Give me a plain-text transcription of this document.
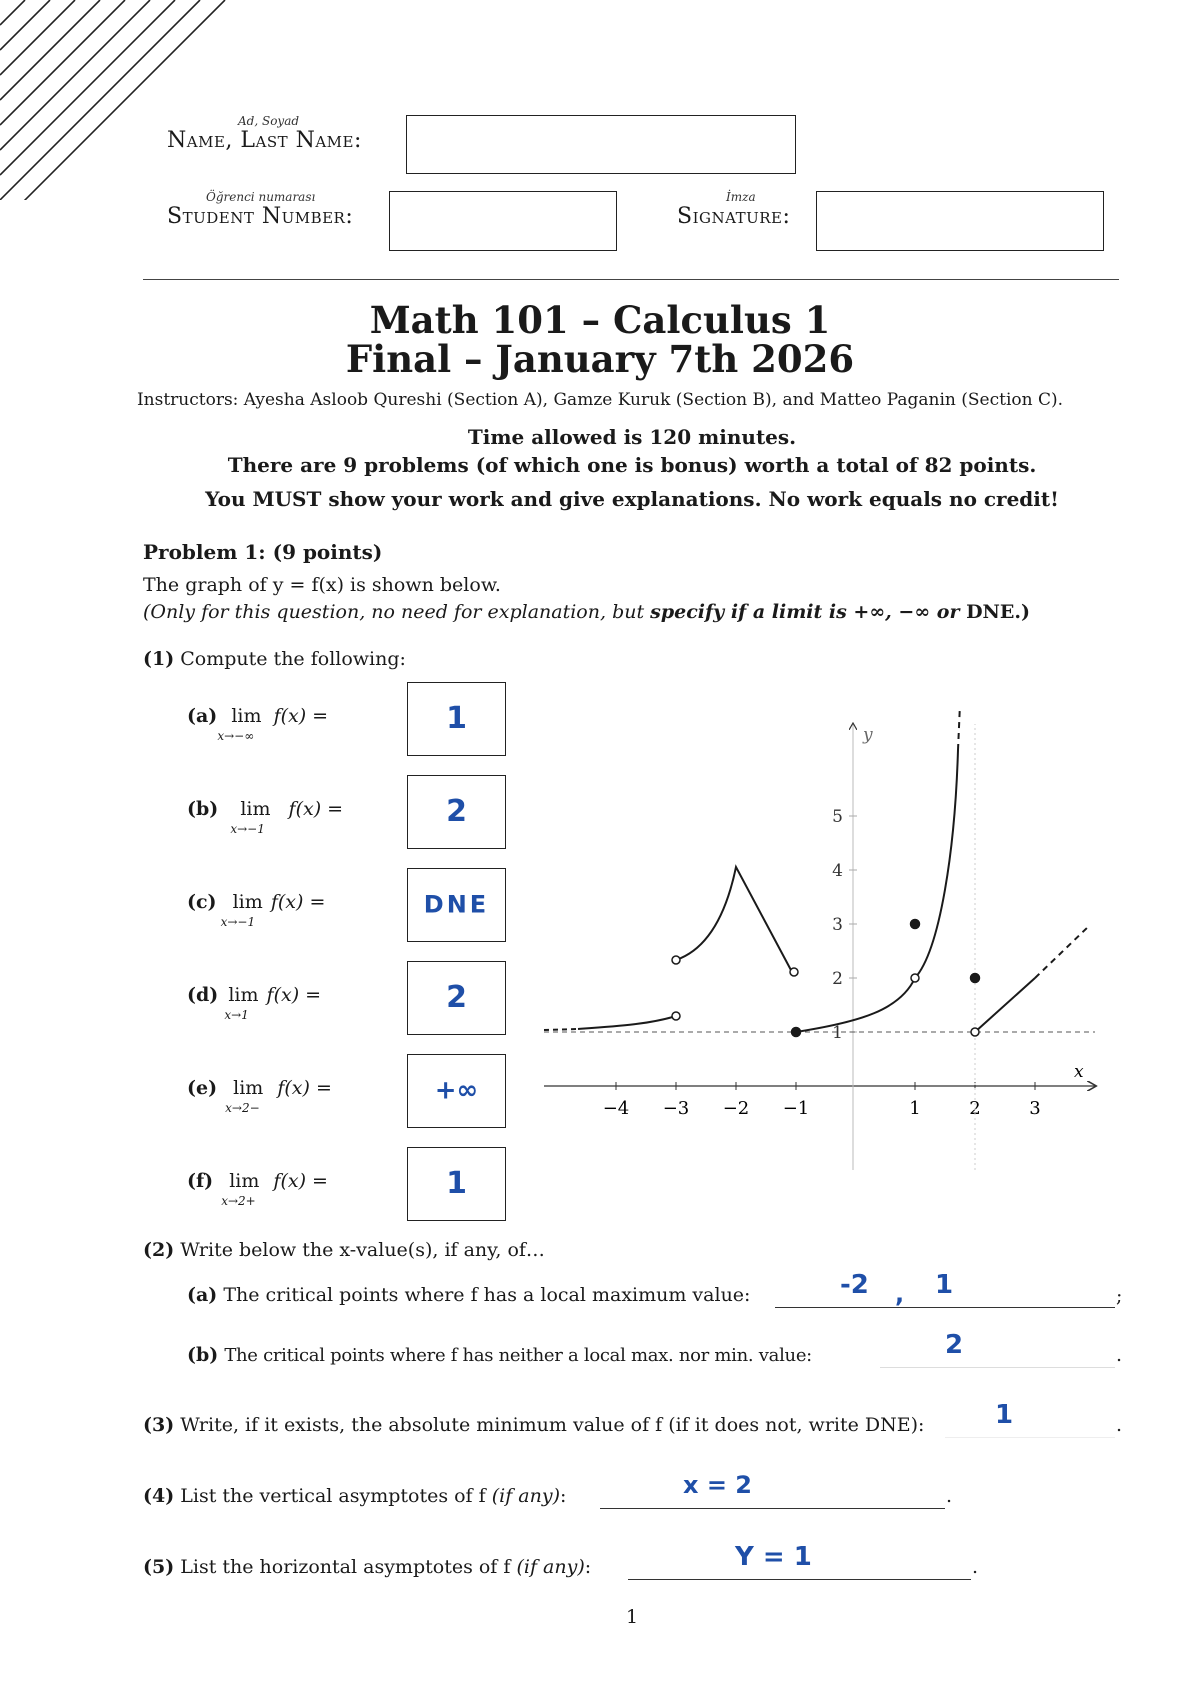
Ad, Soyad
Name, Last Name:
Öğrenci numarası
Student Number:
İmza
Signature:
Math 101 – Calculus 1
Final – January 7th 2026
Instructors: Ayesha Asloob Qureshi (Section A), Gamze Kuruk (Section B), and Matteo Paganin (Section C).
Time allowed is 120 minutes.
There are 9 problems (of which one is bonus) worth a total of 82 points.
You MUST show your work and give explanations. No work equals no credit!
Problem 1: (9 points)
The graph of y = f(x) is shown below.
(Only for this question, no need for explanation, but specify if a limit is +∞, −∞ or DNE.)
(1) Compute the following:
(a) lim
x→−∞
f(x) =	1
(b) lim
x→−1
f(x) =	2
(c) lim
x→−1
f(x) =	DNE
(d) lim
x→1
f(x) =	2
(e) lim
x→2−
f(x) =	+∞
(f) lim
x→2+
f(x) =	1
x
y
−4 −3 −2 −1	1	2	3
1
2
3
4
5
(2) Write below the x-value(s), if any, of…
(a) The critical points where f has a local maximum value:	-2 , 1	;
(b) The critical points where f has neither a local max. nor min. value:	2	.
(3) Write, if it exists, the absolute minimum value of f (if it does not, write DNE):	1	.
(4) List the vertical asymptotes of f (if any):	x = 2	.
(5) List the horizontal asymptotes of f (if any):	Y = 1	.
1
